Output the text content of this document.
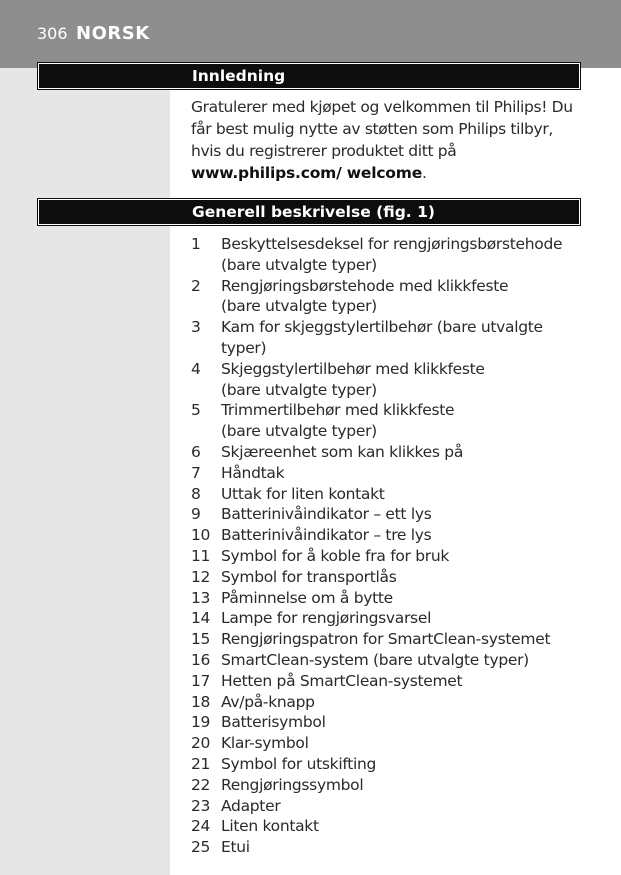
306 NORSK
Innledning
Gratulerer med kjøpet og velkommen til Philips! Du får best mulig nytte av støtten som Philips tilbyr, hvis du registrerer produktet ditt på www.philips.com/ welcome.
Generell beskrivelse (fig. 1)
1	Beskyttelsesdeksel for rengjøringsbørstehode
(bare utvalgte typer)
2	Rengjøringsbørstehode med klikkfeste
(bare utvalgte typer)
3	Kam for skjeggstylertilbehør (bare utvalgte typer)
4	Skjeggstylertilbehør med klikkfeste
(bare utvalgte typer)
5	Trimmertilbehør med klikkfeste
(bare utvalgte typer)
6	Skjæreenhet som kan klikkes på
7	Håndtak
8	Uttak for liten kontakt
9	Batterinivåindikator – ett lys
10 Batterinivåindikator – tre lys
11 Symbol for å koble fra for bruk
12 Symbol for transportlås
13 Påminnelse om å bytte
14 Lampe for rengjøringsvarsel
15 Rengjøringspatron for SmartClean-systemet
16 SmartClean-system (bare utvalgte typer)
17 Hetten på SmartClean-systemet
18 Av/på-knapp
19 Batterisymbol
20 Klar-symbol
21 Symbol for utskifting
22 Rengjøringssymbol
23 Adapter
24 Liten kontakt
25 Etui
